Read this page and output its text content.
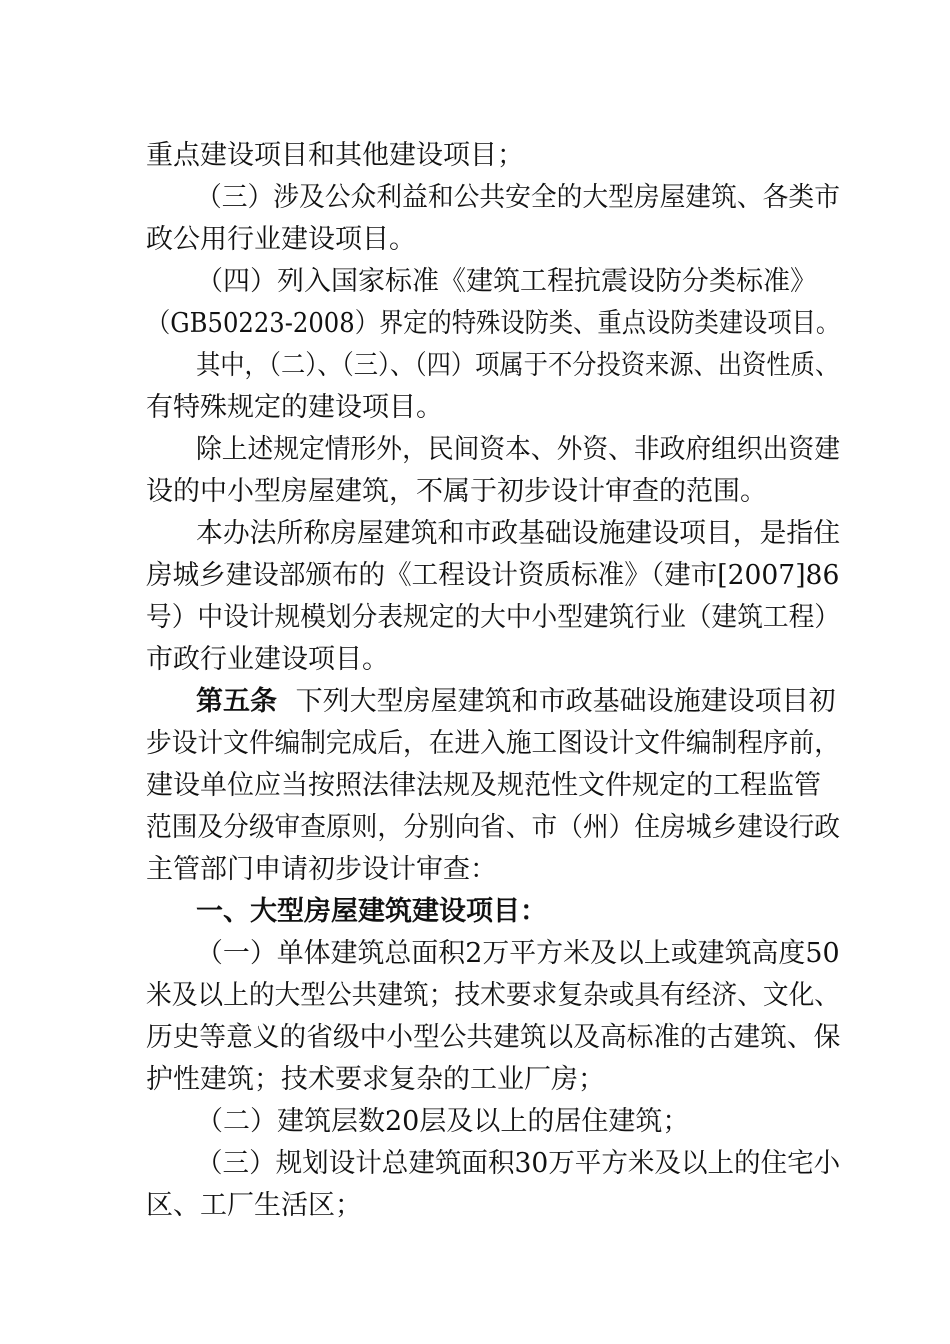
重点建设项目和其他建设项目；
（三）涉及公众利益和公共安全的大型房屋建筑、各类市
政公用行业建设项目。
（四）列入国家标准《建筑工程抗震设防分类标准》
（GB50223-2008）界定的特殊设防类、重点设防类建设项目。
其中，（二）、（三）、（四）项属于不分投资来源、出资性质、
有特殊规定的建设项目。
除上述规定情形外，民间资本、外资、非政府组织出资建
设的中小型房屋建筑，不属于初步设计审查的范围。
本办法所称房屋建筑和市政基础设施建设项目，是指住
房城乡建设部颁布的《工程设计资质标准》（建市[2007]86
号）中设计规模划分表规定的大中小型建筑行业（建筑工程）
市政行业建设项目。
第五条 下列大型房屋建筑和市政基础设施建设项目初
步设计文件编制完成后，在进入施工图设计文件编制程序前，
建设单位应当按照法律法规及规范性文件规定的工程监管
范围及分级审查原则，分别向省、市（州）住房城乡建设行政
主管部门申请初步设计审查：
一、大型房屋建筑建设项目：
（一）单体建筑总面积2万平方米及以上或建筑高度50
米及以上的大型公共建筑；技术要求复杂或具有经济、文化、
历史等意义的省级中小型公共建筑以及高标准的古建筑、保
护性建筑；技术要求复杂的工业厂房；
（二）建筑层数20层及以上的居住建筑；
（三）规划设计总建筑面积30万平方米及以上的住宅小
区、工厂生活区；
